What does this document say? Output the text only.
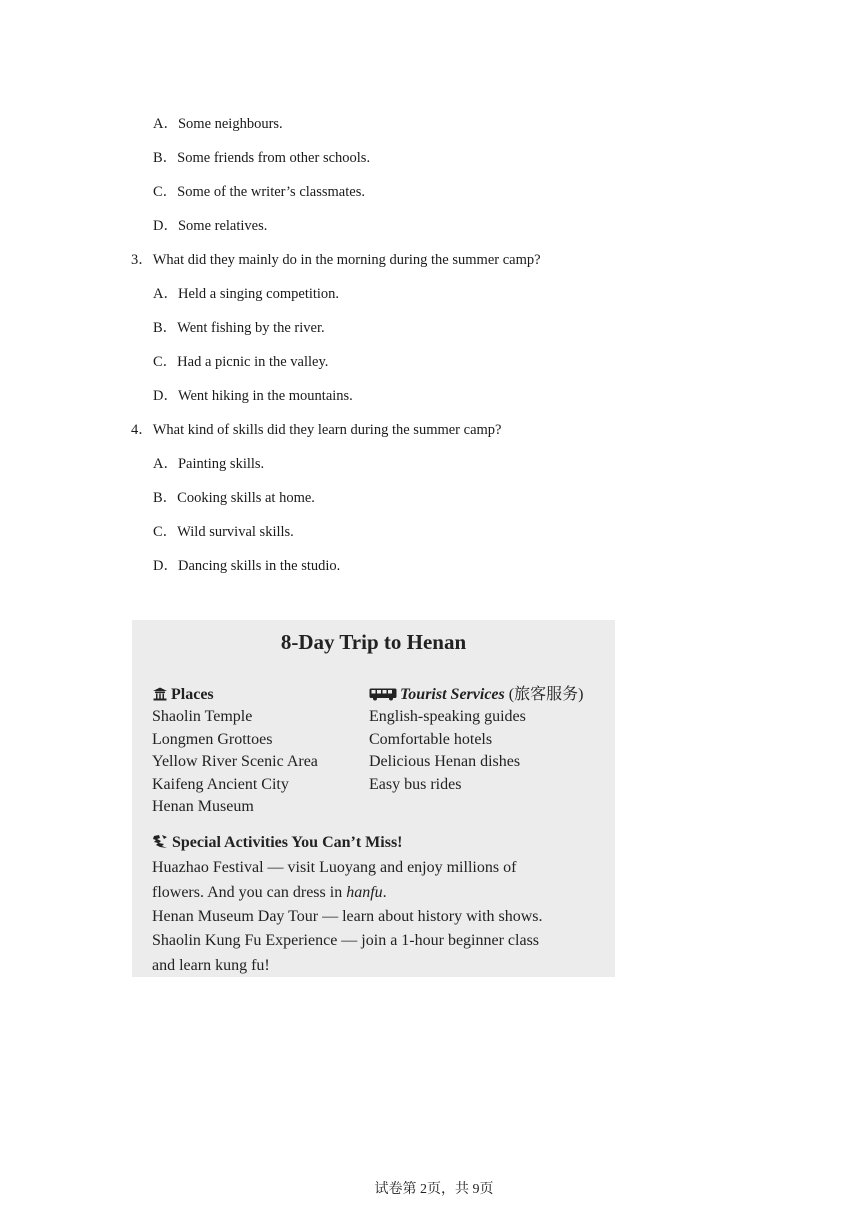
A．Some neighbours.
B．Some friends from other schools.
C．Some of the writer’s classmates.
D．Some relatives.
3．What did they mainly do in the morning during the summer camp?
A．Held a singing competition.
B．Went fishing by the river.
C．Had a picnic in the valley.
D．Went hiking in the mountains.
4．What kind of skills did they learn during the summer camp?
A．Painting skills.
B．Cooking skills at home.
C．Wild survival skills.
D．Dancing skills in the studio.
8-Day Trip to Henan
Places
Shaolin Temple
Longmen Grottoes
Yellow River Scenic Area
Kaifeng Ancient City
Henan Museum
Tourist Services (旅客服务)
English-speaking guides
Comfortable hotels
Delicious Henan dishes
Easy bus rides
Special Activities You Can’t Miss!
Huazhao Festival — visit Luoyang and enjoy millions of
flowers. And you can dress in hanfu.
Henan Museum Day Tour — learn about history with shows.
Shaolin Kung Fu Experience — join a 1-hour beginner class
and learn kung fu!
试卷第 2页，共 9页
